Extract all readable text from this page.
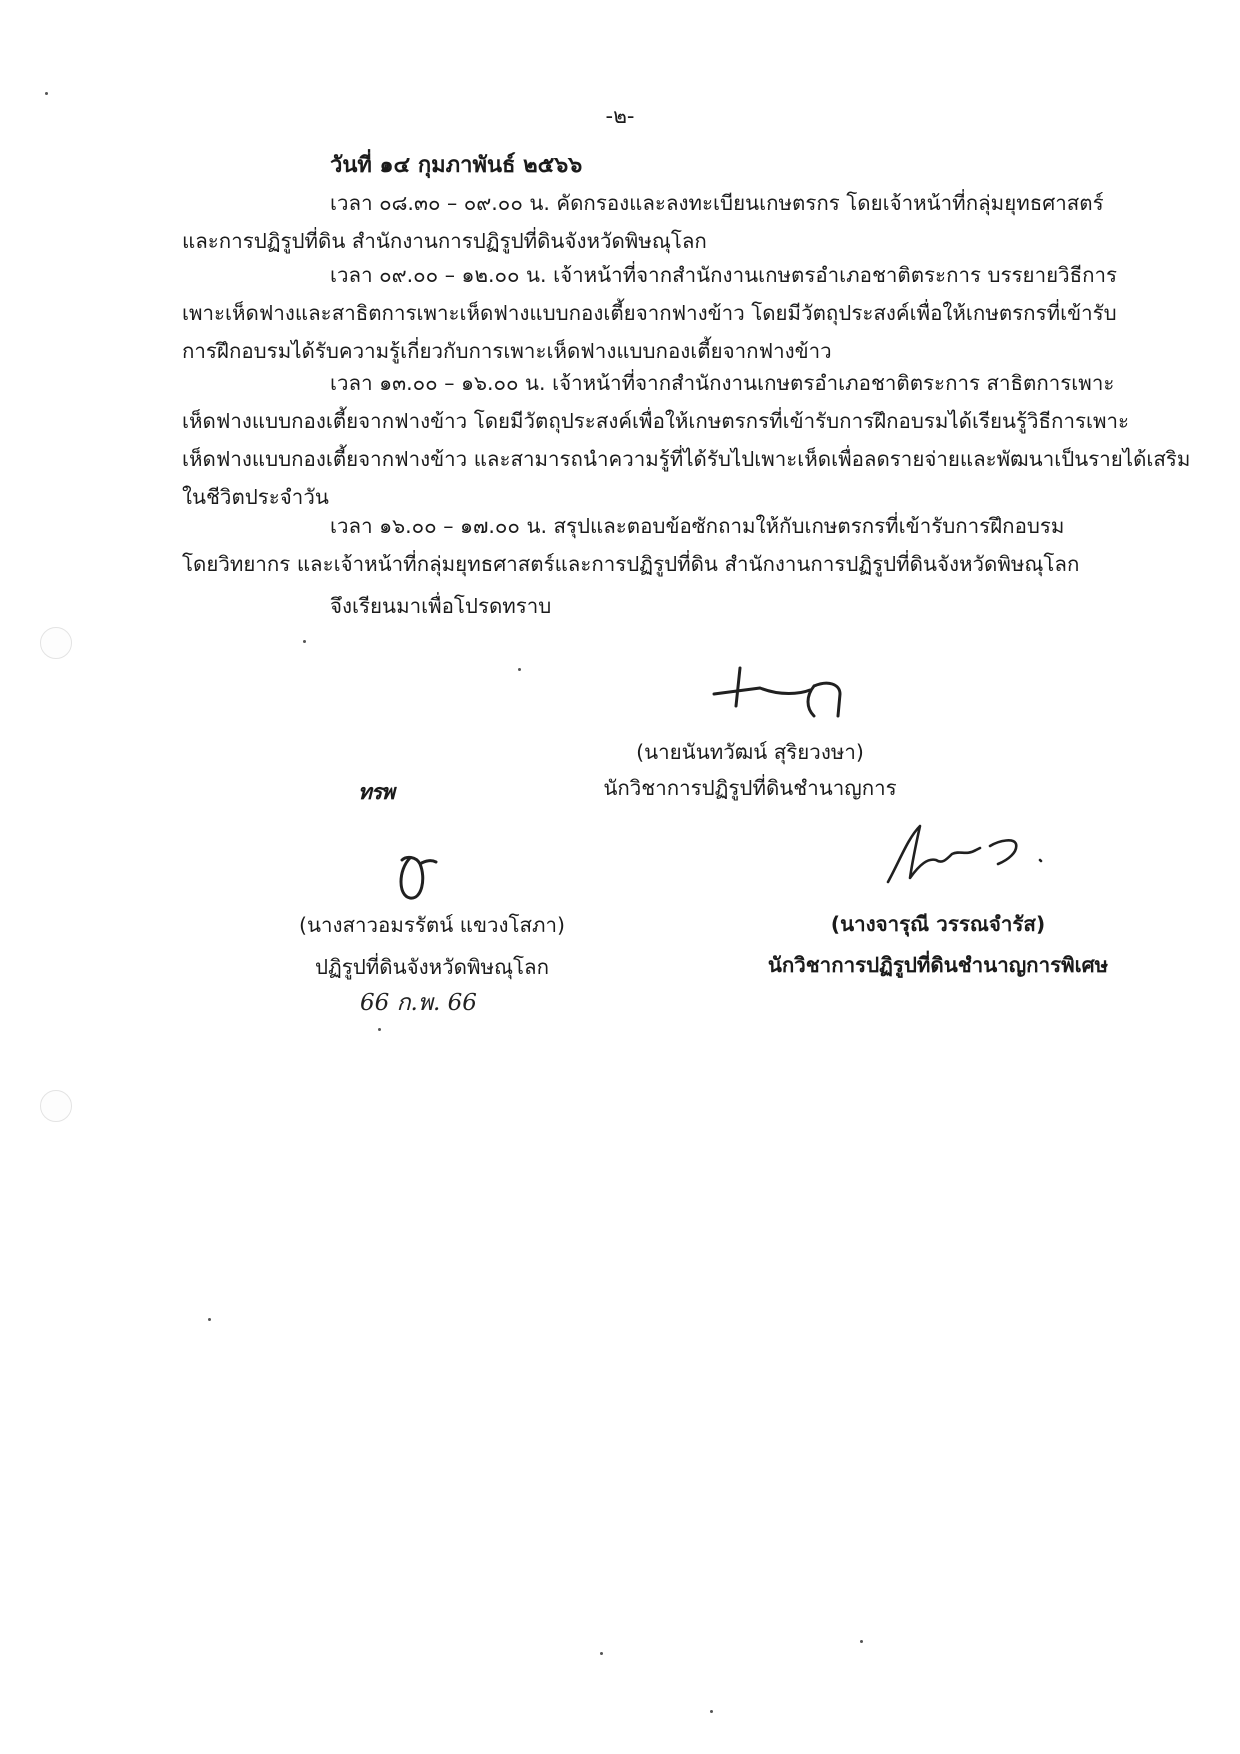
-๒-
วันที่ ๑๔ กุมภาพันธ์ ๒๕๖๖
เวลา ๐๘.๓๐ – ๐๙.๐๐ น. คัดกรองและลงทะเบียนเกษตรกร โดยเจ้าหน้าที่กลุ่มยุทธศาสตร์
และการปฏิรูปที่ดิน สำนักงานการปฏิรูปที่ดินจังหวัดพิษณุโลก
เวลา ๐๙.๐๐ – ๑๒.๐๐ น. เจ้าหน้าที่จากสำนักงานเกษตรอำเภอชาติตระการ บรรยายวิธีการ
เพาะเห็ดฟางและสาธิตการเพาะเห็ดฟางแบบกองเตี้ยจากฟางข้าว โดยมีวัตถุประสงค์เพื่อให้เกษตรกรที่เข้ารับ
การฝึกอบรมได้รับความรู้เกี่ยวกับการเพาะเห็ดฟางแบบกองเตี้ยจากฟางข้าว
เวลา ๑๓.๐๐ – ๑๖.๐๐ น. เจ้าหน้าที่จากสำนักงานเกษตรอำเภอชาติตระการ สาธิตการเพาะ
เห็ดฟางแบบกองเตี้ยจากฟางข้าว โดยมีวัตถุประสงค์เพื่อให้เกษตรกรที่เข้ารับการฝึกอบรมได้เรียนรู้วิธีการเพาะ
เห็ดฟางแบบกองเตี้ยจากฟางข้าว และสามารถนำความรู้ที่ได้รับไปเพาะเห็ดเพื่อลดรายจ่ายและพัฒนาเป็นรายได้เสริม
ในชีวิตประจำวัน
เวลา ๑๖.๐๐ – ๑๗.๐๐ น. สรุปและตอบข้อซักถามให้กับเกษตรกรที่เข้ารับการฝึกอบรม
โดยวิทยากร และเจ้าหน้าที่กลุ่มยุทธศาสตร์และการปฏิรูปที่ดิน สำนักงานการปฏิรูปที่ดินจังหวัดพิษณุโลก
จึงเรียนมาเพื่อโปรดทราบ
(นายนันทวัฒน์ สุริยวงษา)
นักวิชาการปฏิรูปที่ดินชำนาญการ
ทรพ
(นางสาวอมรรัตน์ แขวงโสภา)
ปฏิรูปที่ดินจังหวัดพิษณุโลก
66 ก.พ. 66
(นางจารุณี วรรณจำรัส)
นักวิชาการปฏิรูปที่ดินชำนาญการพิเศษ
